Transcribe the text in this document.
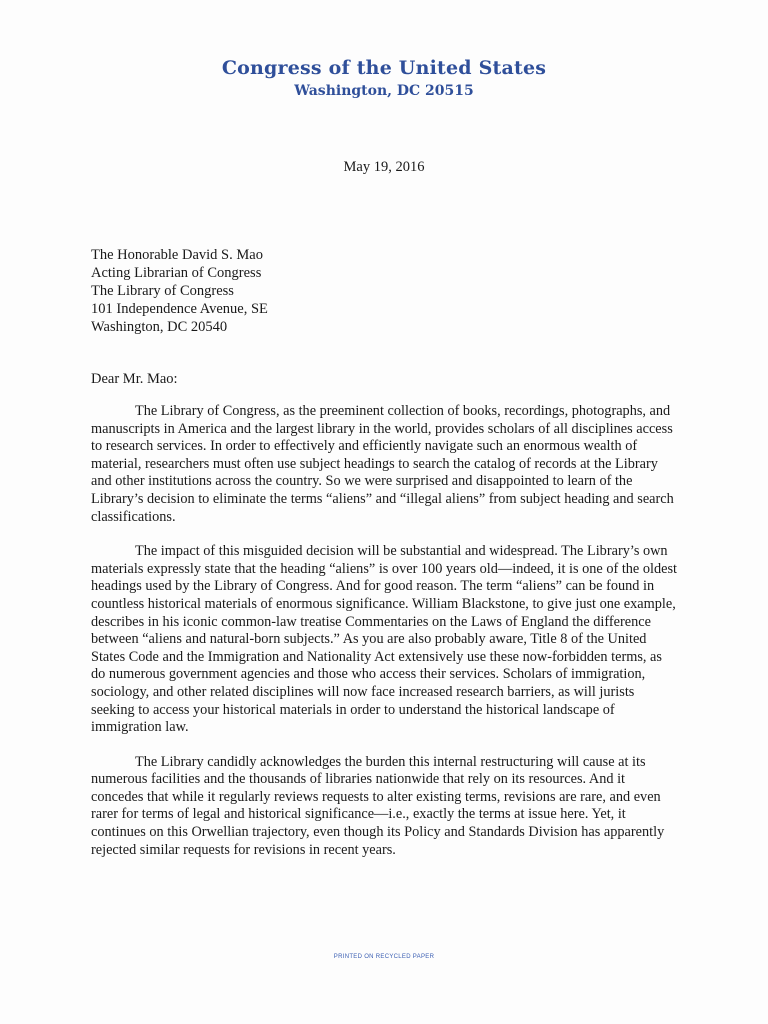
Congress of the United States
Washington, DC 20515
May 19, 2016
The Honorable David S. Mao
Acting Librarian of Congress
The Library of Congress
101 Independence Avenue, SE
Washington, DC 20540
Dear Mr. Mao:

The Library of Congress, as the preeminent collection of books, recordings, photographs, and manuscripts in America and the largest library in the world, provides scholars of all disciplines access to research services. In order to effectively and efficiently navigate such an enormous wealth of material, researchers must often use subject headings to search the catalog of records at the Library and other institutions across the country. So we were surprised and disappointed to learn of the Library’s decision to eliminate the terms “aliens” and “illegal aliens” from subject heading and search classifications.

The impact of this misguided decision will be substantial and widespread. The Library’s own materials expressly state that the heading “aliens” is over 100 years old—indeed, it is one of the oldest headings used by the Library of Congress. And for good reason. The term “aliens” can be found in countless historical materials of enormous significance. William Blackstone, to give just one example, describes in his iconic common-law treatise Commentaries on the Laws of England the difference between “aliens and natural-born subjects.” As you are also probably aware, Title 8 of the United States Code and the Immigration and Nationality Act extensively use these now-forbidden terms, as do numerous government agencies and those who access their services. Scholars of immigration, sociology, and other related disciplines will now face increased research barriers, as will jurists seeking to access your historical materials in order to understand the historical landscape of immigration law.

The Library candidly acknowledges the burden this internal restructuring will cause at its numerous facilities and the thousands of libraries nationwide that rely on its resources. And it concedes that while it regularly reviews requests to alter existing terms, revisions are rare, and even rarer for terms of legal and historical significance—i.e., exactly the terms at issue here. Yet, it continues on this Orwellian trajectory, even though its Policy and Standards Division has apparently rejected similar requests for revisions in recent years.

PRINTED ON RECYCLED PAPER
